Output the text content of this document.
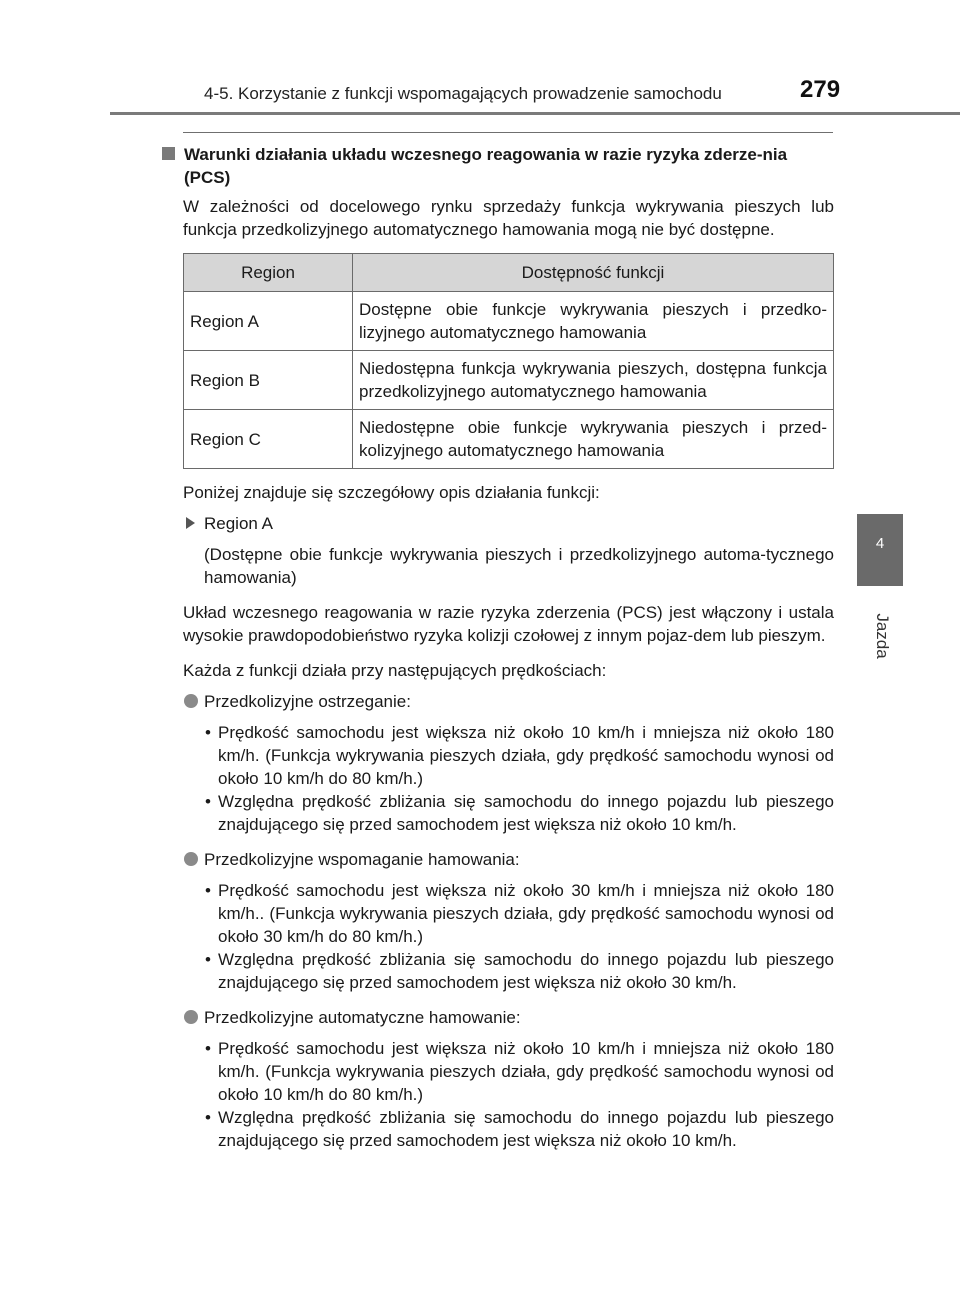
4-5. Korzystanie z funkcji wspomagających prowadzenie samochodu	279
4
Jazda
Warunki działania układu wczesnego reagowania w razie ryzyka zderze-nia (PCS)
W zależności od docelowego rynku sprzedaży funkcja wykrywania pieszych lub funkcja przedkolizyjnego automatycznego hamowania mogą nie być dostępne.
Region	Dostępność funkcji
Region A	Dostępne obie funkcje wykrywania pieszych i przedko-lizyjnego automatycznego hamowania
Region B	Niedostępna funkcja wykrywania pieszych, dostępna funkcja przedkolizyjnego automatycznego hamowania
Region C	Niedostępne obie funkcje wykrywania pieszych i przed-kolizyjnego automatycznego hamowania
Poniżej znajduje się szczegółowy opis działania funkcji:
Region A
(Dostępne obie funkcje wykrywania pieszych i przedkolizyjnego automa-tycznego hamowania)
Układ wczesnego reagowania w razie ryzyka zderzenia (PCS) jest włączony i ustala wysokie prawdopodobieństwo ryzyka kolizji czołowej z innym pojaz-dem lub pieszym.
Każda z funkcji działa przy następujących prędkościach:
Przedkolizyjne ostrzeganie:
• Prędkość samochodu jest większa niż około 10 km/h i mniejsza niż około 180 km/h. (Funkcja wykrywania pieszych działa, gdy prędkość samochodu wynosi od około 10 km/h do 80 km/h.)
• Względna prędkość zbliżania się samochodu do innego pojazdu lub pieszego znajdującego się przed samochodem jest większa niż około 10 km/h.
Przedkolizyjne wspomaganie hamowania:
• Prędkość samochodu jest większa niż około 30 km/h i mniejsza niż około 180 km/h.. (Funkcja wykrywania pieszych działa, gdy prędkość samochodu wynosi od około 30 km/h do 80 km/h.)
• Względna prędkość zbliżania się samochodu do innego pojazdu lub pieszego znajdującego się przed samochodem jest większa niż około 30 km/h.
Przedkolizyjne automatyczne hamowanie:
• Prędkość samochodu jest większa niż około 10 km/h i mniejsza niż około 180 km/h. (Funkcja wykrywania pieszych działa, gdy prędkość samochodu wynosi od około 10 km/h do 80 km/h.)
• Względna prędkość zbliżania się samochodu do innego pojazdu lub pieszego znajdującego się przed samochodem jest większa niż około 10 km/h.
